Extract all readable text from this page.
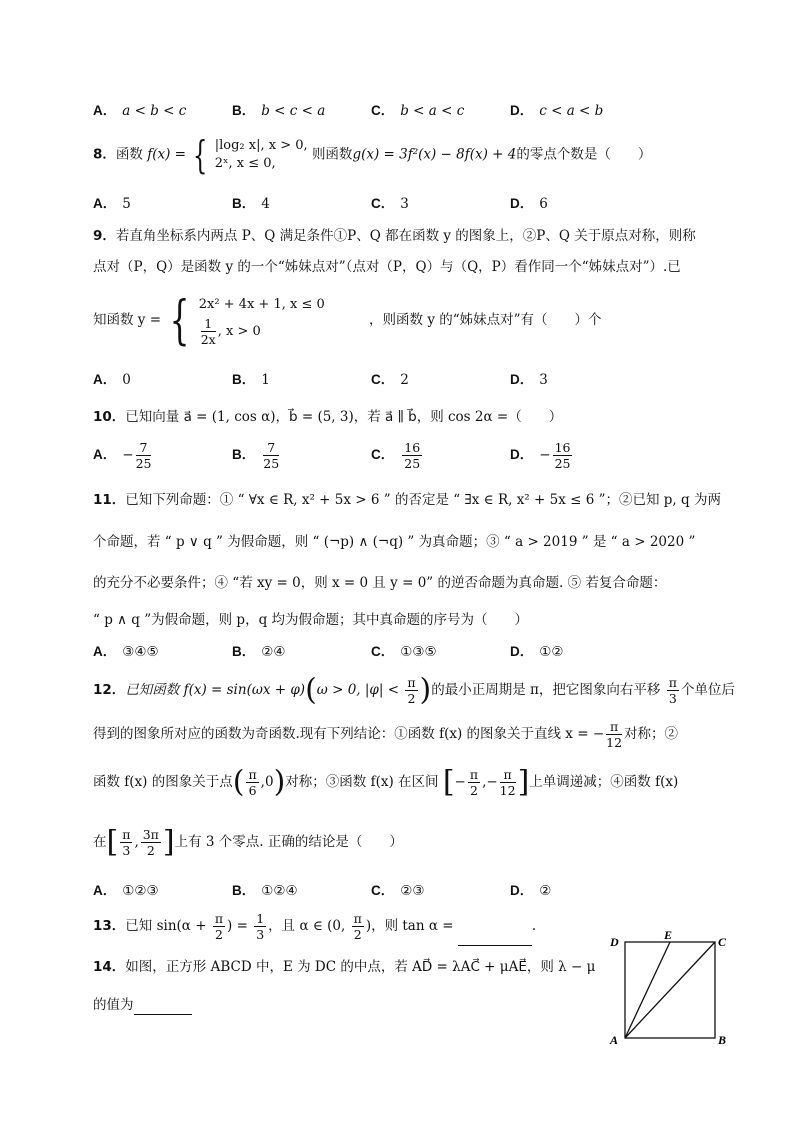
A． a < b < c	B． b < c < a	C． b < a < c	D． c < a < b
8．函数 f(x) = { |log₂ x|, x > 0,
2ˣ, x ≤ 0,
则函数g(x) = 3f²(x) − 8f(x) + 4的零点个数是（　　）
A． 5	B． 4	C． 3	D． 6
9．若直角坐标系内两点 P、Q 满足条件①P、Q 都在函数 y 的图象上，②P、Q 关于原点对称，则称
点对（P，Q）是函数 y 的一个“姊妹点对”（点对（P，Q）与（Q，P）看作同一个“姊妹点对”）.已
知函数 y = { 2x² + 4x + 1, x ≤ 0
$\frac{1}{2x}$ , x > 0
，则函数 y 的“姊妹点对”有（　　）个
A． 0	B． 1	C． 2	D． 3
10．已知向量 a⃗ = (1, cos α)，b⃗ = (5, 3)，若 a⃗ ∥ b⃗，则 cos 2α =（　　）
A． − $\frac{7}{25}$	B． $\frac{7}{25}$	C． $\frac{16}{25}$	D． − $\frac{16}{25}$
11．已知下列命题：① “ ∀x ∈ R, x² + 5x > 6 ” 的否定是 “ ∃x ∈ R, x² + 5x ≤ 6 ”；②已知 p, q 为两
个命题，若 “ p ∨ q ” 为假命题，则 “ (¬p) ∧ (¬q) ” 为真命题；③ “ a > 2019 ” 是 “ a > 2020 ”
的充分不必要条件；④ “若 xy = 0，则 x = 0 且 y = 0” 的逆否命题为真命题. ⑤ 若复合命题：
“ p ∧ q ”为假命题，则 p，q 均为假命题；其中真命题的序号为（　　）
A． ③④⑤	B． ②④	C． ①③⑤	D． ①②
12．已知函数 f(x) = sin(ωx + φ)(ω > 0, $|\varphi| < \frac{\pi}{2}$ )的最小正周期是 π，把它图象向右平移 $\frac{\pi}{3}$ 个单位后
得到的图象所对应的函数为奇函数.现有下列结论：①函数 f(x) 的图象关于直线 x = − $\frac{\pi}{12}$ 对称；②
函数 f(x) 的图象关于点( $\frac{\pi}{6} ,0$)对称；③函数 f(x) 在区间 [− $\frac{\pi}{2}$ ,− $\frac{\pi}{12}$ ]上单调递减；④函数 f(x)
在[ $\frac{\pi}{3}$ , $\frac{3\pi}{2}$ ]上有 3 个零点. 正确的结论是（　　）
A． ①②③	B． ①②④	C． ②③	D． ②
13．已知 $\sin(\alpha + \frac{\pi}{2}$ ) = $\frac{1}{3}$ ，且 α ∈ (0, $\frac{\pi}{2}$ )，则 tan α =	.
14．如图，正方形 ABCD 中，E 为 DC 的中点，若 AD⃗ = λAC⃗ + μAE⃗，则 λ − μ
的值为
D	E	C
A	B
